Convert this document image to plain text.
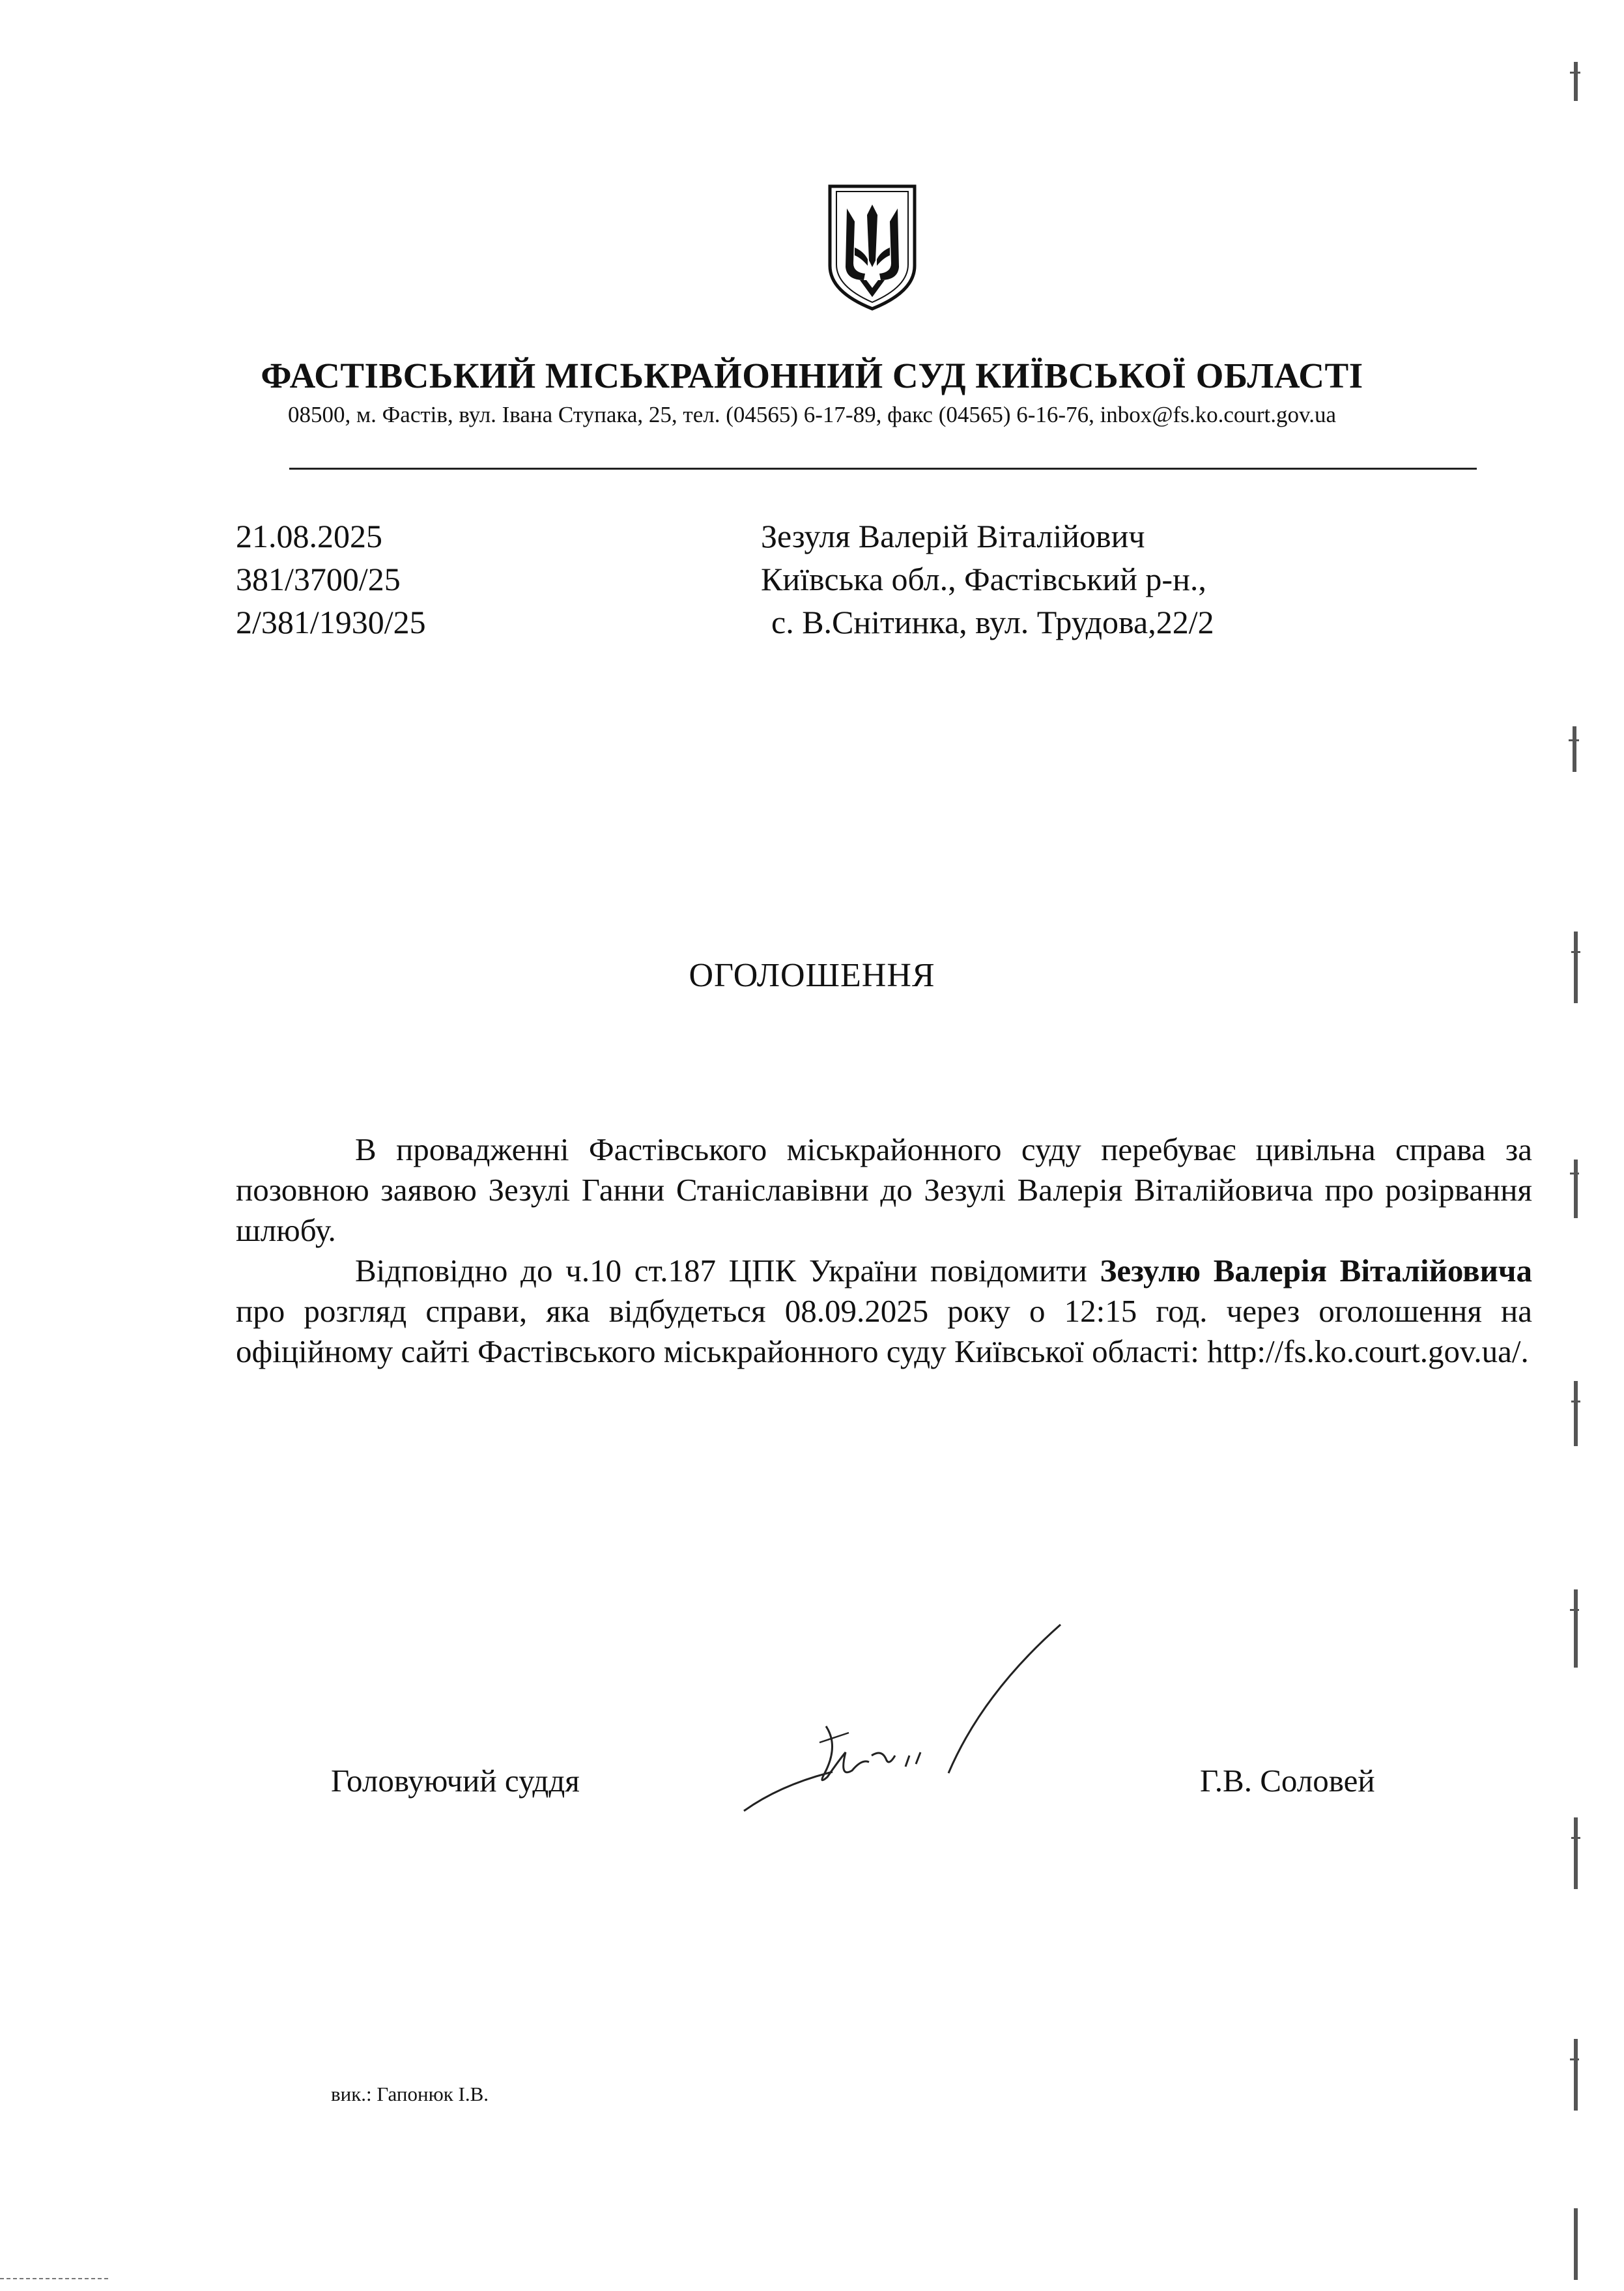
ФАСТІВСЬКИЙ МІСЬКРАЙОННИЙ СУД КИЇВСЬКОЇ ОБЛАСТІ
08500, м. Фастів, вул. Івана Ступака, 25, тел. (04565) 6-17-89, факс (04565) 6-16-76, inbox@fs.ko.court.gov.ua
21.08.2025
381/3700/25
2/381/1930/25
Зезуля Валерій Віталійович
Київська обл., Фастівський р-н.,
с. В.Снітинка, вул. Трудова,22/2
ОГОЛОШЕННЯ

В провадженні Фастівського міськрайонного суду перебуває цивільна справа за позовною заявою Зезулі Ганни Станіславівни до Зезулі Валерія Віталійовича про розірвання шлюбу.

Відповідно до ч.10 ст.187 ЦПК України повідомити Зезулю Валерія Віталійовича про розгляд справи, яка відбудеться 08.09.2025 року о 12:15 год. через оголошення на офіційному сайті Фастівського міськрайонного суду Київської області: http://fs.ko.court.gov.ua/.

Головуючий суддя	Г.В. Соловей
вик.: Гапонюк І.В.
